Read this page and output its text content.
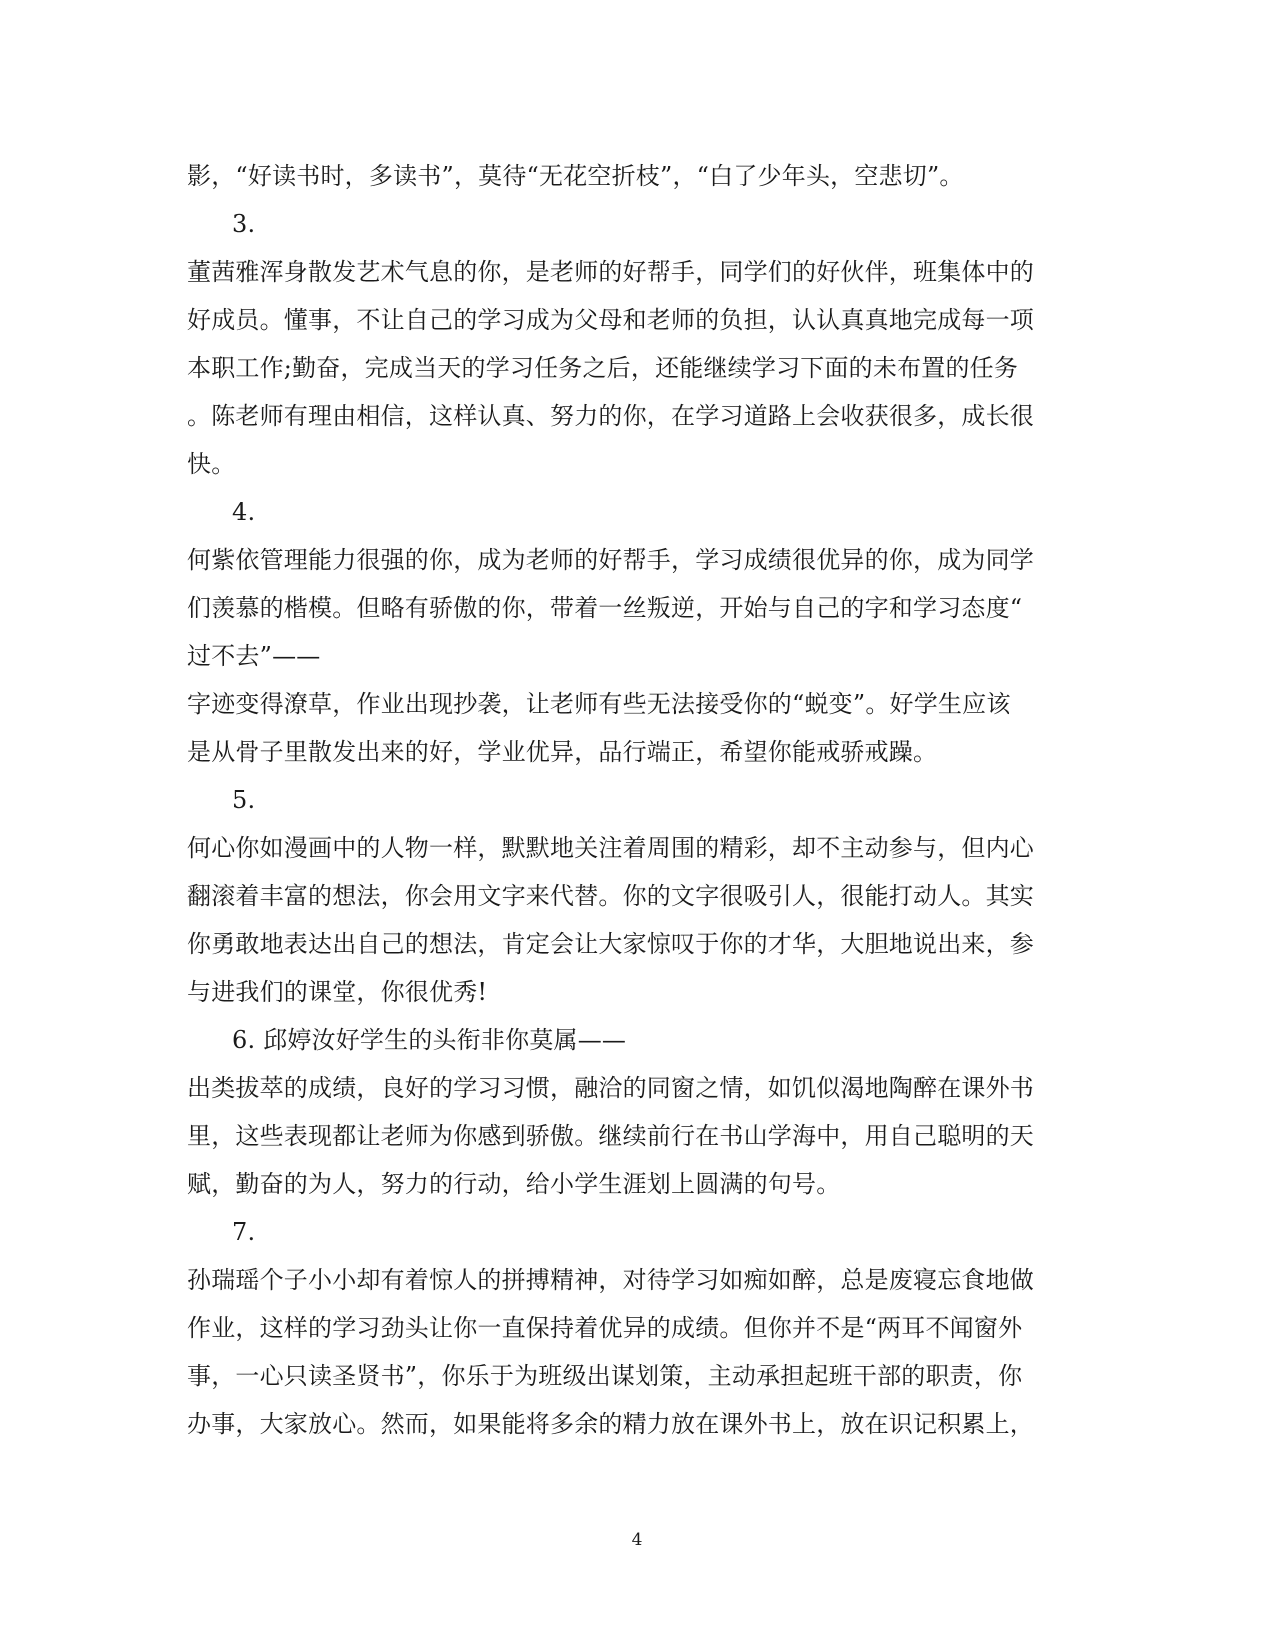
影，“好读书时，多读书”，莫待“无花空折枝”，“白了少年头，空悲切”。
3.
董茜雅浑身散发艺术气息的你，是老师的好帮手，同学们的好伙伴，班集体中的
好成员。懂事，不让自己的学习成为父母和老师的负担，认认真真地完成每一项
本职工作;勤奋，完成当天的学习任务之后，还能继续学习下面的未布置的任务
。陈老师有理由相信，这样认真、努力的你，在学习道路上会收获很多，成长很
快。
4.
何紫依管理能力很强的你，成为老师的好帮手，学习成绩很优异的你，成为同学
们羡慕的楷模。但略有骄傲的你，带着一丝叛逆，开始与自己的字和学习态度“
过不去”——
字迹变得潦草，作业出现抄袭，让老师有些无法接受你的“蜕变”。好学生应该
是从骨子里散发出来的好，学业优异，品行端正，希望你能戒骄戒躁。
5.
何心你如漫画中的人物一样，默默地关注着周围的精彩，却不主动参与，但内心
翻滚着丰富的想法，你会用文字来代替。你的文字很吸引人，很能打动人。其实
你勇敢地表达出自己的想法，肯定会让大家惊叹于你的才华，大胆地说出来，参
与进我们的课堂，你很优秀!
6. 邱婷汝好学生的头衔非你莫属——
出类拔萃的成绩，良好的学习习惯，融洽的同窗之情，如饥似渴地陶醉在课外书
里，这些表现都让老师为你感到骄傲。继续前行在书山学海中，用自己聪明的天
赋，勤奋的为人，努力的行动，给小学生涯划上圆满的句号。
7.
孙瑞瑶个子小小却有着惊人的拼搏精神，对待学习如痴如醉，总是废寝忘食地做
作业，这样的学习劲头让你一直保持着优异的成绩。但你并不是“两耳不闻窗外
事，一心只读圣贤书”，你乐于为班级出谋划策，主动承担起班干部的职责，你
办事，大家放心。然而，如果能将多余的精力放在课外书上，放在识记积累上，
4
